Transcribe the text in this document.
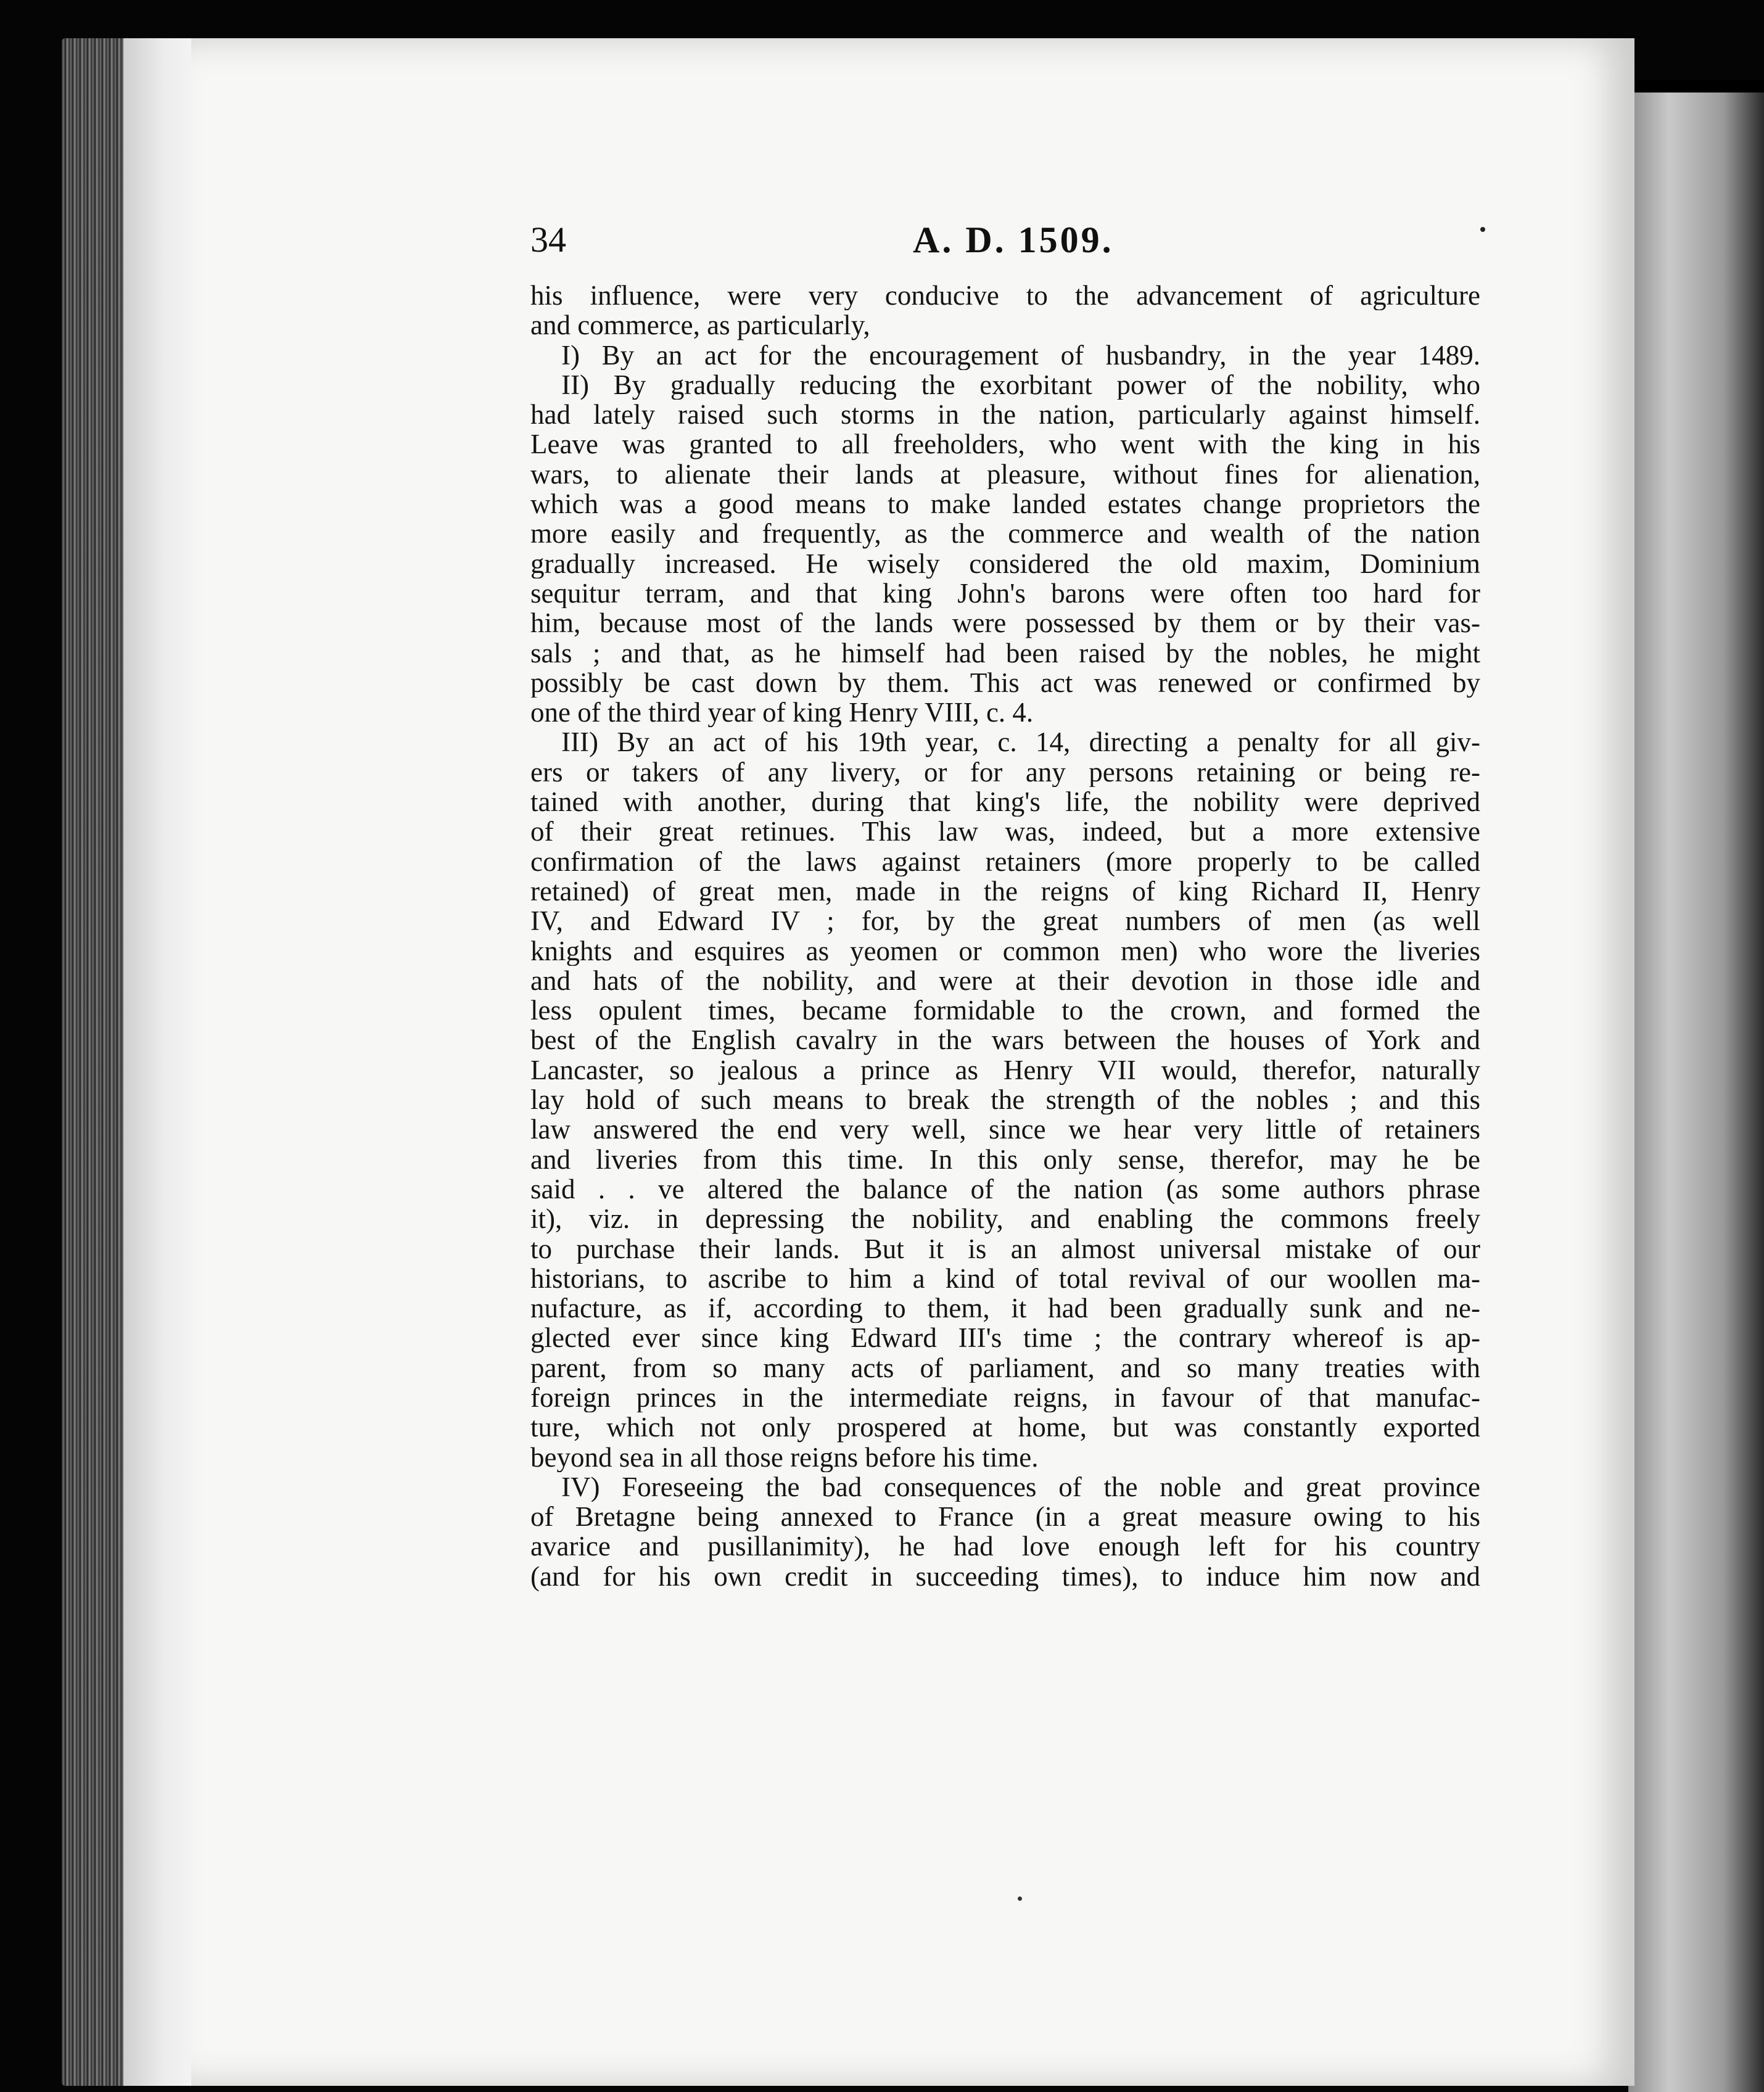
34	A. D. 1509.
his influence, were very conducive to the advancement of agriculture
and commerce, as particularly,
I) By an act for the encouragement of husbandry, in the year 1489.
II) By gradually reducing the exorbitant power of the nobility, who
had lately raised such storms in the nation, particularly against himself.
Leave was granted to all freeholders, who went with the king in his
wars, to alienate their lands at pleasure, without fines for alienation,
which was a good means to make landed estates change proprietors the
more easily and frequently, as the commerce and wealth of the nation
gradually increased. He wisely considered the old maxim, Dominium
sequitur terram, and that king John's barons were often too hard for
him, because most of the lands were possessed by them or by their vas-
sals ; and that, as he himself had been raised by the nobles, he might
possibly be cast down by them. This act was renewed or confirmed by
one of the third year of king Henry VIII, c. 4.
III) By an act of his 19th year, c. 14, directing a penalty for all giv-
ers or takers of any livery, or for any persons retaining or being re-
tained with another, during that king's life, the nobility were deprived
of their great retinues. This law was, indeed, but a more extensive
confirmation of the laws against retainers (more properly to be called
retained) of great men, made in the reigns of king Richard II, Henry
IV, and Edward IV ; for, by the great numbers of men (as well
knights and esquires as yeomen or common men) who wore the liveries
and hats of the nobility, and were at their devotion in those idle and
less opulent times, became formidable to the crown, and formed the
best of the English cavalry in the wars between the houses of York and
Lancaster, so jealous a prince as Henry VII would, therefor, naturally
lay hold of such means to break the strength of the nobles ; and this
law answered the end very well, since we hear very little of retainers
and liveries from this time. In this only sense, therefor, may he be
said . . ve altered the balance of the nation (as some authors phrase
it), viz. in depressing the nobility, and enabling the commons freely
to purchase their lands. But it is an almost universal mistake of our
historians, to ascribe to him a kind of total revival of our woollen ma-
nufacture, as if, according to them, it had been gradually sunk and ne-
glected ever since king Edward III's time ; the contrary whereof is ap-
parent, from so many acts of parliament, and so many treaties with
foreign princes in the intermediate reigns, in favour of that manufac-
ture, which not only prospered at home, but was constantly exported
beyond sea in all those reigns before his time.
IV) Foreseeing the bad consequences of the noble and great province
of Bretagne being annexed to France (in a great measure owing to his
avarice and pusillanimity), he had love enough left for his country
(and for his own credit in succeeding times), to induce him now and
